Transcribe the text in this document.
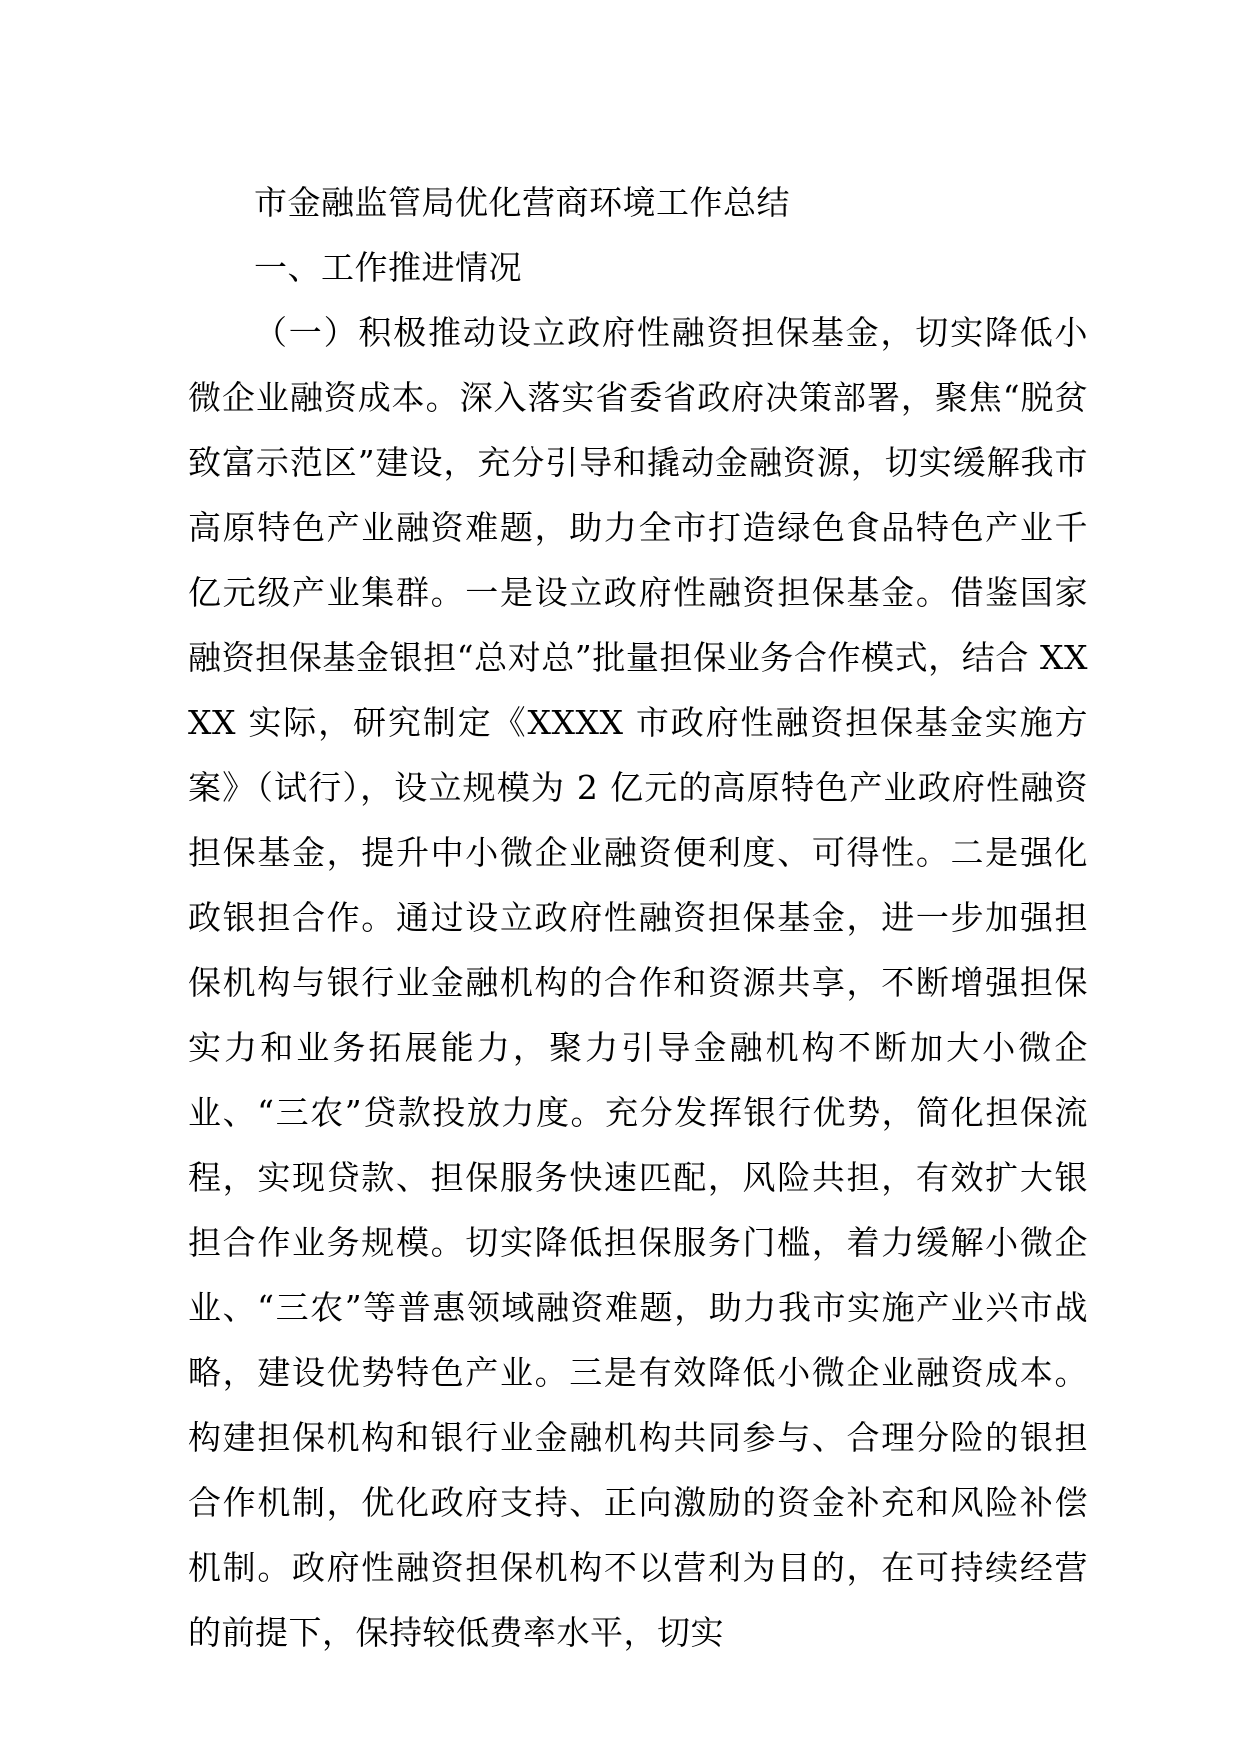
市金融监管局优化营商环境工作总结

一、工作推进情况

（一）积极推动设立政府性融资担保基金，切实降低小微企业融资成本。深入落实省委省政府决策部署，聚焦“脱贫致富示范区”建设，充分引导和撬动金融资源，切实缓解我市高原特色产业融资难题，助力全市打造绿色食品特色产业千亿元级产业集群。一是设立政府性融资担保基金。借鉴国家融资担保基金银担“总对总”批量担保业务合作模式，结合 XXXX 实际，研究制定《XXXX 市政府性融资担保基金实施方案》（试行），设立规模为 2 亿元的高原特色产业政府性融资担保基金，提升中小微企业融资便利度、可得性。二是强化政银担合作。通过设立政府性融资担保基金，进一步加强担保机构与银行业金融机构的合作和资源共享，不断增强担保实力和业务拓展能力，聚力引导金融机构不断加大小微企业、“三农”贷款投放力度。充分发挥银行优势，简化担保流程，实现贷款、担保服务快速匹配，风险共担，有效扩大银担合作业务规模。切实降低担保服务门槛，着力缓解小微企业、“三农”等普惠领域融资难题，助力我市实施产业兴市战略，建设优势特色产业。三是有效降低小微企业融资成本。构建担保机构和银行业金融机构共同参与、合理分险的银担合作机制，优化政府支持、正向激励的资金补充和风险补偿机制。政府性融资担保机构不以营利为目的，在可持续经营的前提下，保持较低费率水平，切实
